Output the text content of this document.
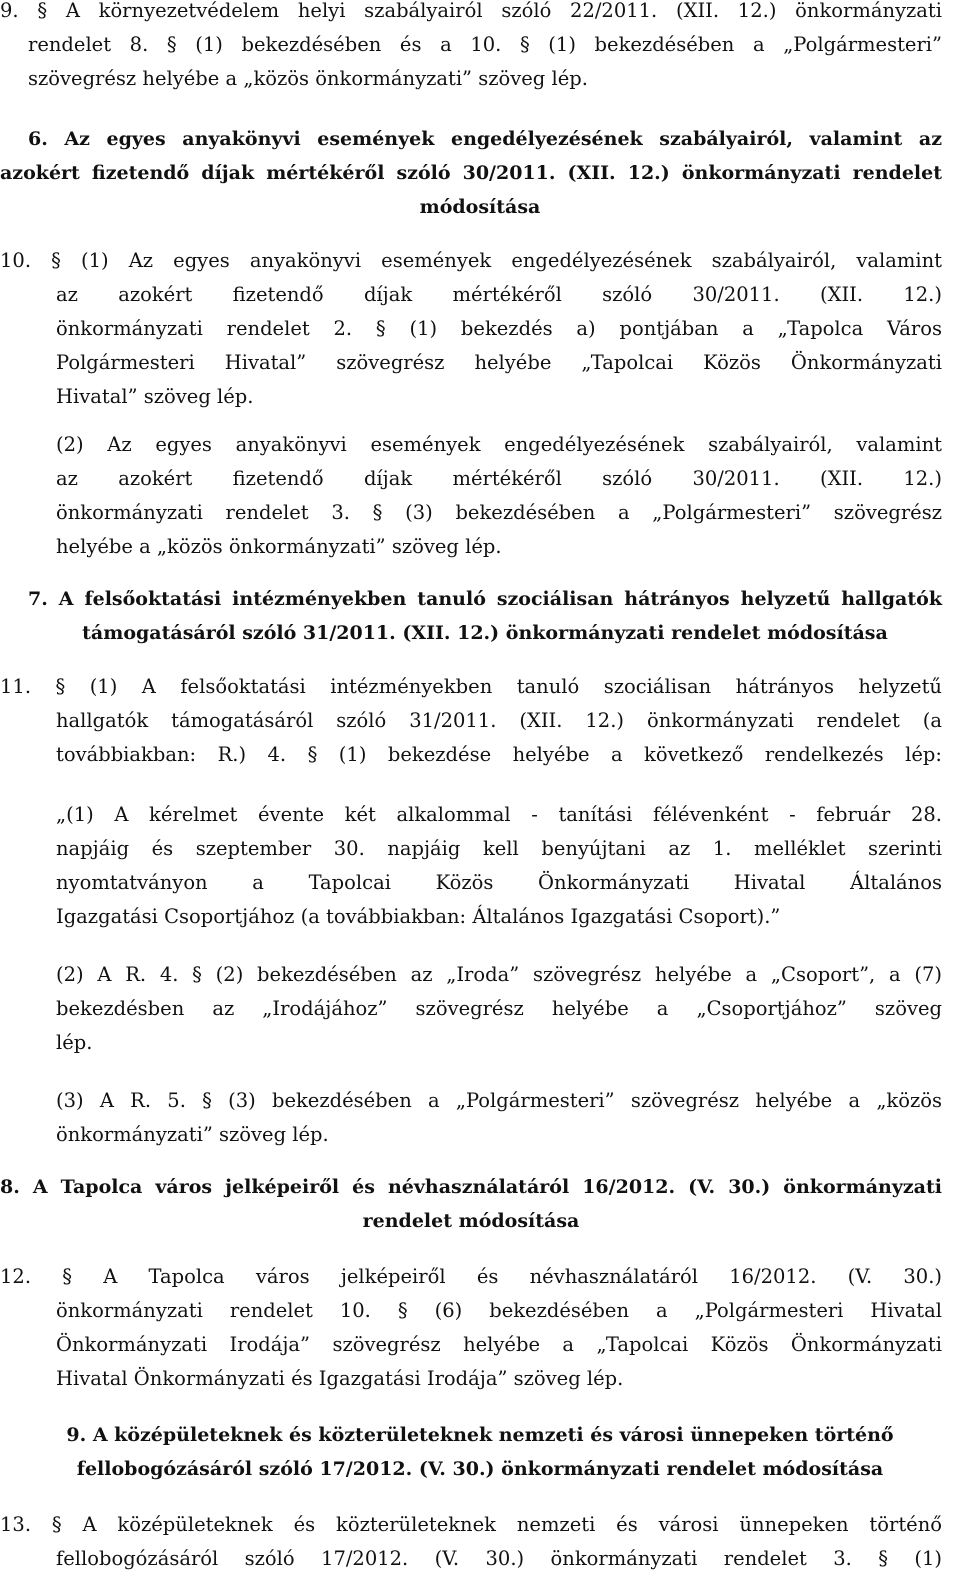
9. § A környezetvédelem helyi szabályairól szóló 22/2011. (XII. 12.) önkormányzati
rendelet 8. § (1) bekezdésében és a 10. § (1) bekezdésében a „Polgármesteri”
szövegrész helyébe a „közös önkormányzati” szöveg lép.
6. Az egyes anyakönyvi események engedélyezésének szabályairól, valamint az
azokért fizetendő díjak mértékéről szóló 30/2011. (XII. 12.) önkormányzati rendelet
módosítása
10. § (1) Az egyes anyakönyvi események engedélyezésének szabályairól, valamint
az azokért fizetendő díjak mértékéről szóló 30/2011. (XII. 12.)
önkormányzati rendelet 2. § (1) bekezdés a) pontjában a „Tapolca Város
Polgármesteri Hivatal” szövegrész helyébe „Tapolcai Közös Önkormányzati
Hivatal” szöveg lép.
(2) Az egyes anyakönyvi események engedélyezésének szabályairól, valamint
az azokért fizetendő díjak mértékéről szóló 30/2011. (XII. 12.)
önkormányzati rendelet 3. § (3) bekezdésében a „Polgármesteri” szövegrész
helyébe a „közös önkormányzati” szöveg lép.
7. A felsőoktatási intézményekben tanuló szociálisan hátrányos helyzetű hallgatók
támogatásáról szóló 31/2011. (XII. 12.) önkormányzati rendelet módosítása
11. § (1) A felsőoktatási intézményekben tanuló szociálisan hátrányos helyzetű
hallgatók támogatásáról szóló 31/2011. (XII. 12.) önkormányzati rendelet (a
továbbiakban: R.) 4. § (1) bekezdése helyébe a következő rendelkezés lép:
„(1) A kérelmet évente két alkalommal - tanítási félévenként - február 28.
napjáig és szeptember 30. napjáig kell benyújtani az 1. melléklet szerinti
nyomtatványon a Tapolcai Közös Önkormányzati Hivatal Általános
Igazgatási Csoportjához (a továbbiakban: Általános Igazgatási Csoport).”
(2) A R. 4. § (2) bekezdésében az „Iroda” szövegrész helyébe a „Csoport”, a (7)
bekezdésben az „Irodájához” szövegrész helyébe a „Csoportjához” szöveg
lép.
(3) A R. 5. § (3) bekezdésében a „Polgármesteri” szövegrész helyébe a „közös
önkormányzati” szöveg lép.
8. A Tapolca város jelképeiről és névhasználatáról 16/2012. (V. 30.) önkormányzati
rendelet módosítása
12. § A Tapolca város jelképeiről és névhasználatáról 16/2012. (V. 30.)
önkormányzati rendelet 10. § (6) bekezdésében a „Polgármesteri Hivatal
Önkormányzati Irodája” szövegrész helyébe a „Tapolcai Közös Önkormányzati
Hivatal Önkormányzati és Igazgatási Irodája” szöveg lép.
9. A középületeknek és közterületeknek nemzeti és városi ünnepeken történő
fellobogózásáról szóló 17/2012. (V. 30.) önkormányzati rendelet módosítása
13. § A középületeknek és közterületeknek nemzeti és városi ünnepeken történő
fellobogózásáról szóló 17/2012. (V. 30.) önkormányzati rendelet 3. § (1)
